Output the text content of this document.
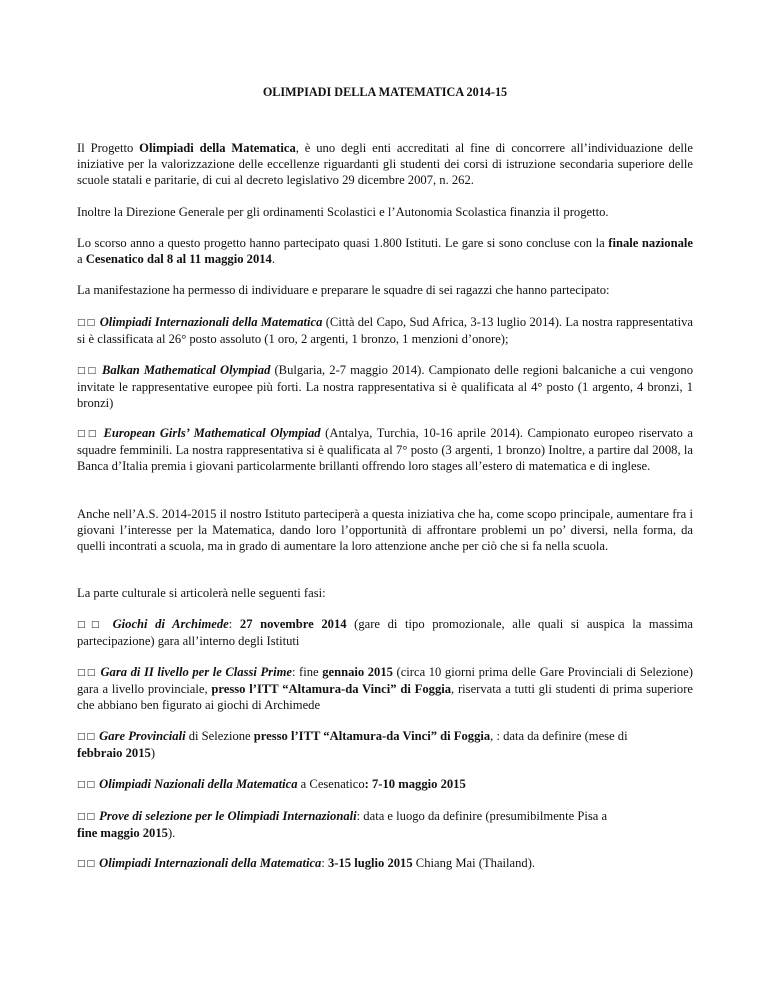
OLIMPIADI DELLA MATEMATICA 2014-15

Il Progetto Olimpiadi della Matematica, è uno degli enti accreditati al fine di concorrere all’individuazione delle iniziative per la valorizzazione delle eccellenze riguardanti gli studenti dei corsi di istruzione secondaria superiore delle scuole statali e paritarie, di cui al decreto legislativo 29 dicembre 2007, n. 262.

Inoltre la Direzione Generale per gli ordinamenti Scolastici e l’Autonomia Scolastica finanzia il progetto.

Lo scorso anno a questo progetto hanno partecipato quasi 1.800 Istituti. Le gare si sono concluse con la finale nazionale a Cesenatico dal 8 al 11 maggio 2014.

La manifestazione ha permesso di individuare e preparare le squadre di sei ragazzi che hanno partecipato:

□□ Olimpiadi Internazionali della Matematica (Città del Capo, Sud Africa, 3-13 luglio 2014). La nostra rappresentativa si è classificata al 26° posto assoluto (1 oro, 2 argenti, 1 bronzo, 1 menzioni d’onore);

□□ Balkan Mathematical Olympiad (Bulgaria, 2-7 maggio 2014). Campionato delle regioni balcaniche a cui vengono invitate le rappresentative europee più forti. La nostra rappresentativa si è qualificata al 4° posto (1 argento, 4 bronzi, 1 bronzi)

□□ European Girls’ Mathematical Olympiad (Antalya, Turchia, 10-16 aprile 2014). Campionato europeo riservato a squadre femminili. La nostra rappresentativa si è qualificata al 7° posto (3 argenti, 1 bronzo) Inoltre, a partire dal 2008, la Banca d’Italia premia i giovani particolarmente brillanti offrendo loro stages all’estero di matematica e di inglese.

Anche nell’A.S. 2014-2015 il nostro Istituto parteciperà a questa iniziativa che ha, come scopo principale, aumentare fra i giovani l’interesse per la Matematica, dando loro l’opportunità di affrontare problemi un po’ diversi, nella forma, da quelli incontrati a scuola, ma in grado di aumentare la loro attenzione anche per ciò che si fa nella scuola.

La parte culturale si articolerà nelle seguenti fasi:

□□ Giochi di Archimede: 27 novembre 2014 (gare di tipo promozionale, alle quali si auspica la massima partecipazione) gara all’interno degli Istituti

□□ Gara di II livello per le Classi Prime: fine gennaio 2015 (circa 10 giorni prima delle Gare Provinciali di Selezione) gara a livello provinciale, presso l’ITT “Altamura-da Vinci” di Foggia, riservata a tutti gli studenti di prima superiore che abbiano ben figurato ai giochi di Archimede

□□ Gare Provinciali di Selezione presso l’ITT “Altamura-da Vinci” di Foggia, : data da definire (mese di
febbraio 2015)

□□ Olimpiadi Nazionali della Matematica a Cesenatico: 7-10 maggio 2015

□□ Prove di selezione per le Olimpiadi Internazionali: data e luogo da definire (presumibilmente Pisa a
fine maggio 2015).

□□ Olimpiadi Internazionali della Matematica: 3-15 luglio 2015 Chiang Mai (Thailand).
